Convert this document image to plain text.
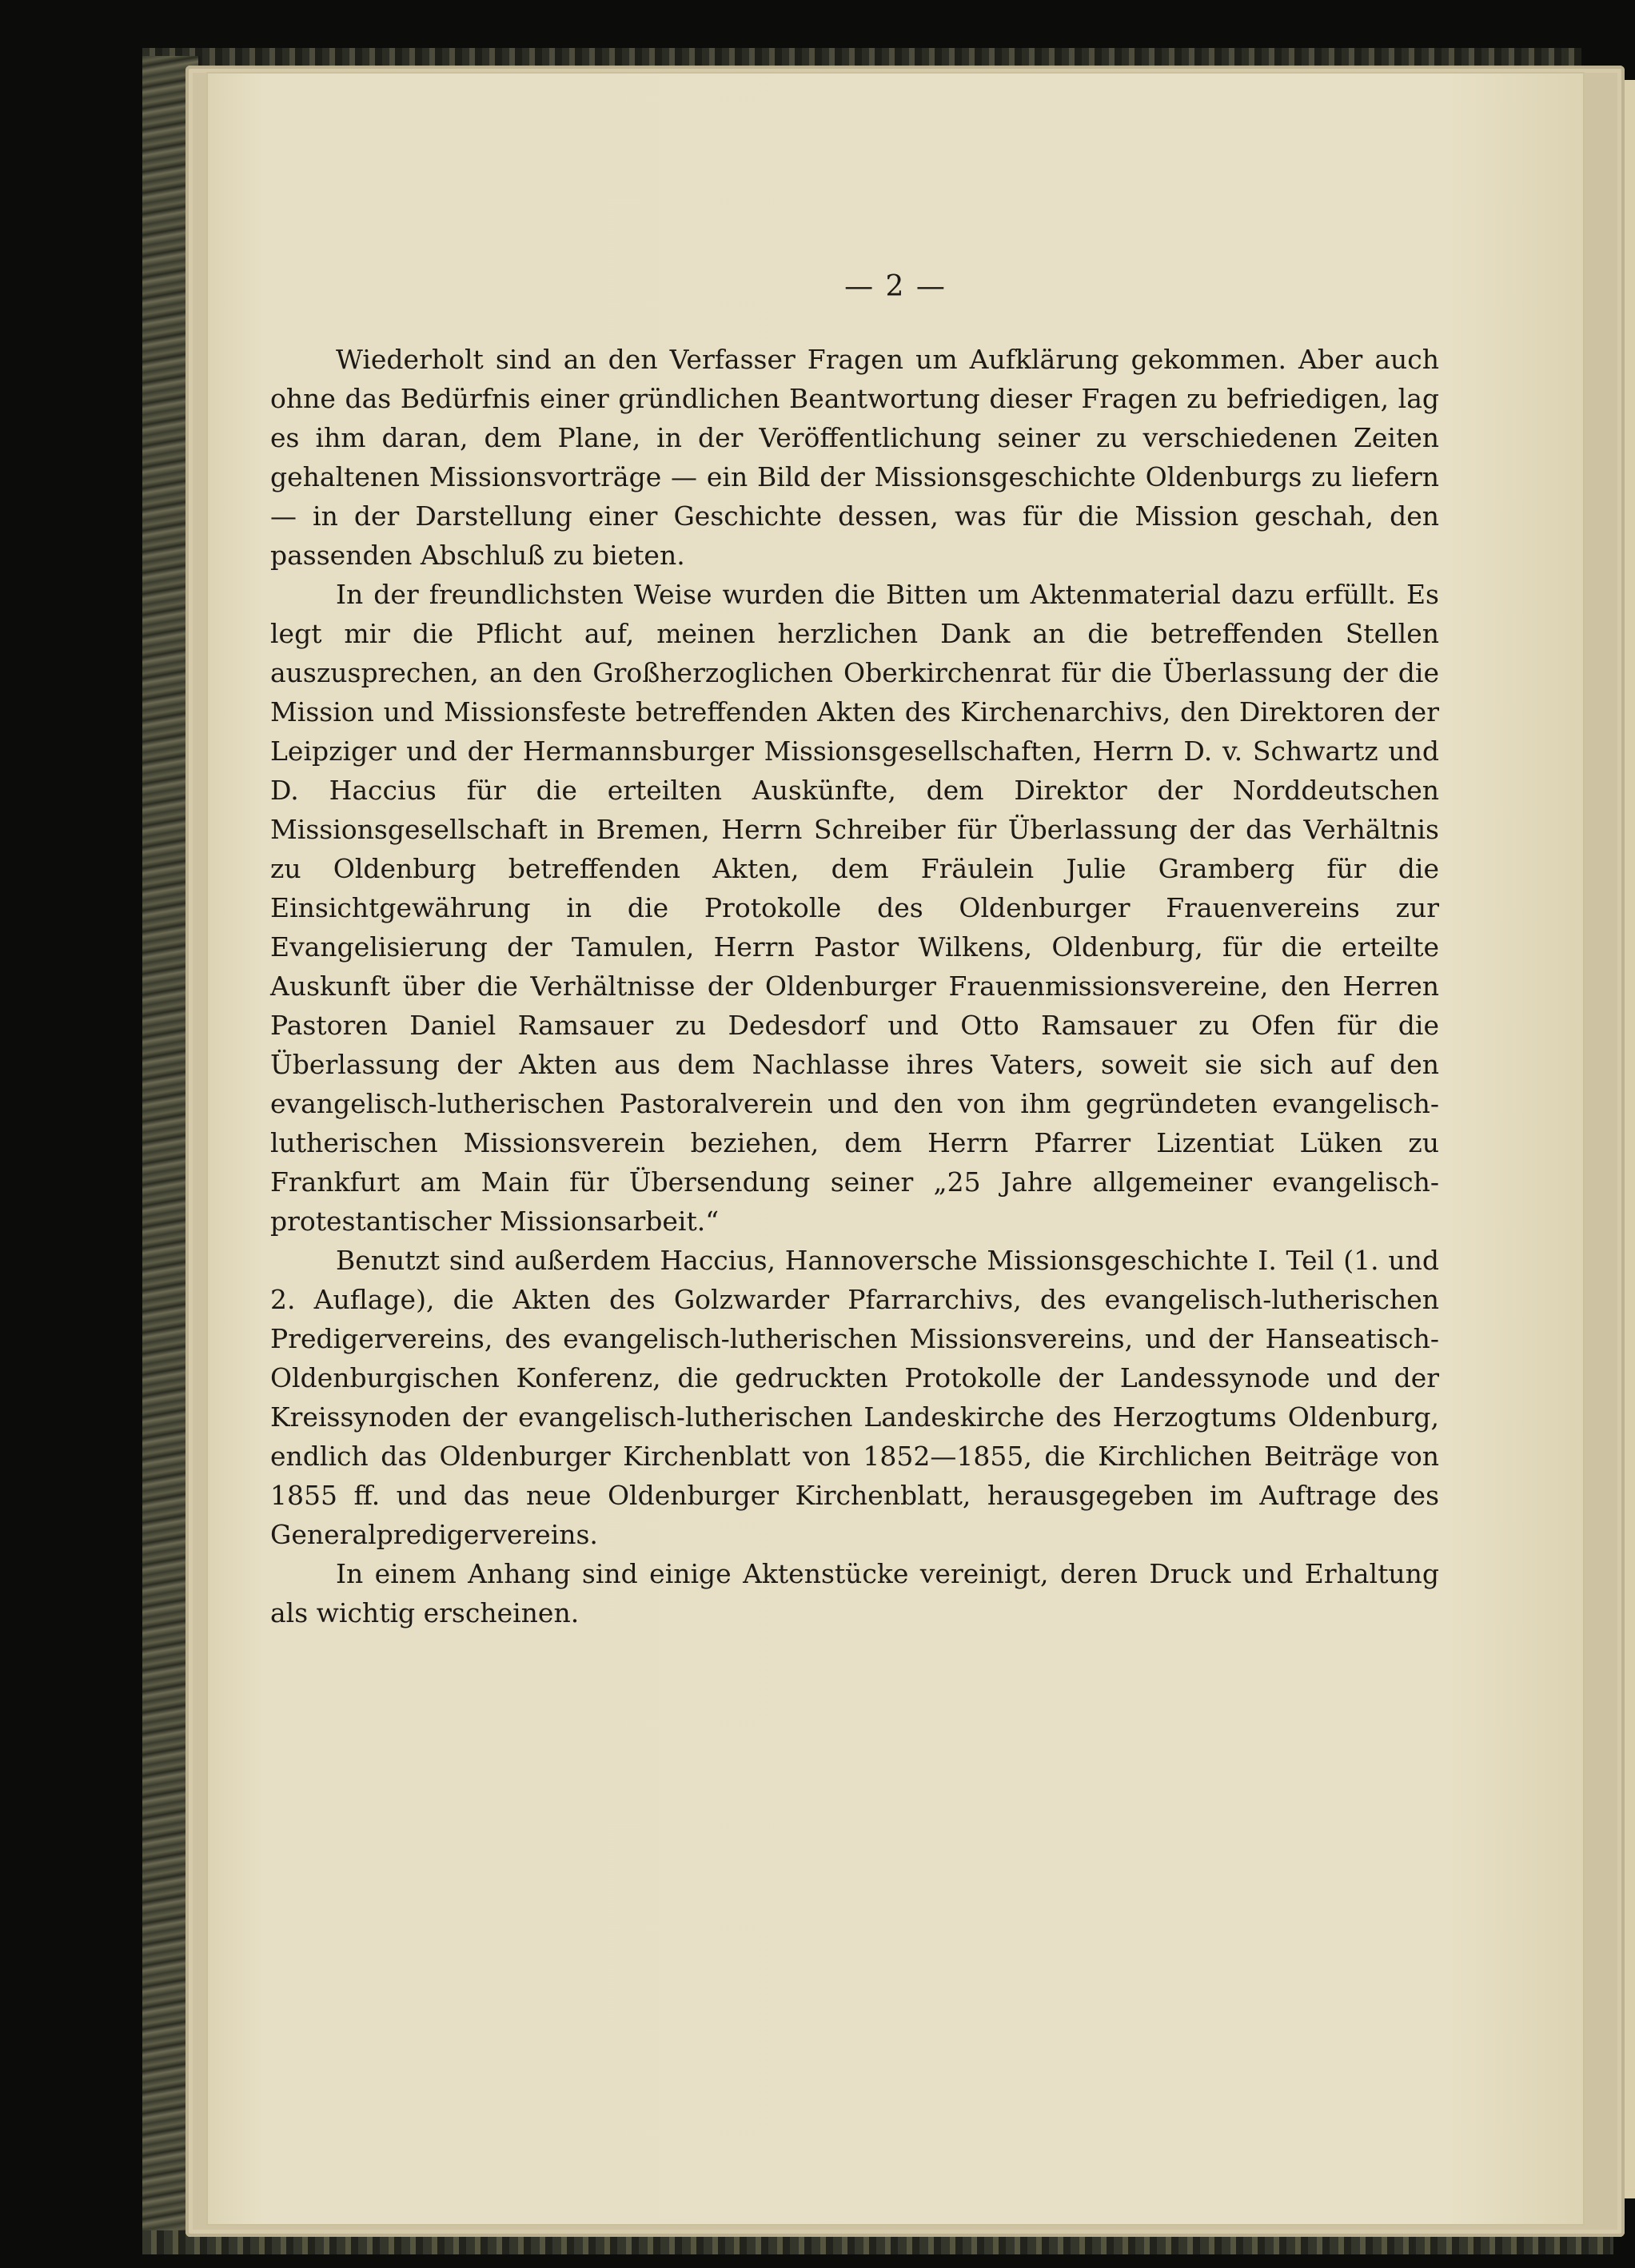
— 2 —

Wiederholt sind an den Verfasser Fragen um Aufklärung gekommen. Aber auch ohne das Bedürfnis einer gründlichen Beantwortung dieser Fragen zu befriedigen, lag es ihm daran, dem Plane, in der Veröffentlichung seiner zu verschiedenen Zeiten gehaltenen Missionsvorträge — ein Bild der Missionsgeschichte Oldenburgs zu liefern — in der Darstellung einer Geschichte dessen, was für die Mission geschah, den passenden Abschluß zu bieten.

In der freundlichsten Weise wurden die Bitten um Aktenmaterial dazu erfüllt. Es legt mir die Pflicht auf, meinen herzlichen Dank an die betreffenden Stellen auszusprechen, an den Großherzoglichen Oberkirchenrat für die Überlassung der die Mission und Missionsfeste betreffenden Akten des Kirchenarchivs, den Direktoren der Leipziger und der Hermannsburger Missionsgesellschaften, Herrn D. v. Schwartz und D. Haccius für die erteilten Auskünfte, dem Direktor der Norddeutschen Missionsgesellschaft in Bremen, Herrn Schreiber für Überlassung der das Verhältnis zu Oldenburg betreffenden Akten, dem Fräulein Julie Gramberg für die Einsichtgewährung in die Protokolle des Oldenburger Frauenvereins zur Evangelisierung der Tamulen, Herrn Pastor Wilkens, Oldenburg, für die erteilte Auskunft über die Verhältnisse der Oldenburger Frauenmissionsvereine, den Herren Pastoren Daniel Ramsauer zu Dedesdorf und Otto Ramsauer zu Ofen für die Überlassung der Akten aus dem Nachlasse ihres Vaters, soweit sie sich auf den evangelisch-lutherischen Pastoralverein und den von ihm gegründeten evangelisch-lutherischen Missionsverein beziehen, dem Herrn Pfarrer Lizentiat Lüken zu Frankfurt am Main für Übersendung seiner „25 Jahre allgemeiner evangelisch-protestantischer Missionsarbeit.“

Benutzt sind außerdem Haccius, Hannoversche Missionsgeschichte I. Teil (1. und 2. Auflage), die Akten des Golzwarder Pfarrarchivs, des evangelisch-lutherischen Predigervereins, des evangelisch-lutherischen Missionsvereins, und der Hanseatisch-Oldenburgischen Konferenz, die gedruckten Protokolle der Landessynode und der Kreissynoden der evangelisch-lutherischen Landeskirche des Herzogtums Oldenburg, endlich das Oldenburger Kirchenblatt von 1852—1855, die Kirchlichen Beiträge von 1855 ff. und das neue Oldenburger Kirchenblatt, herausgegeben im Auftrage des Generalpredigervereins.

In einem Anhang sind einige Aktenstücke vereinigt, deren Druck und Erhaltung als wichtig erscheinen.
